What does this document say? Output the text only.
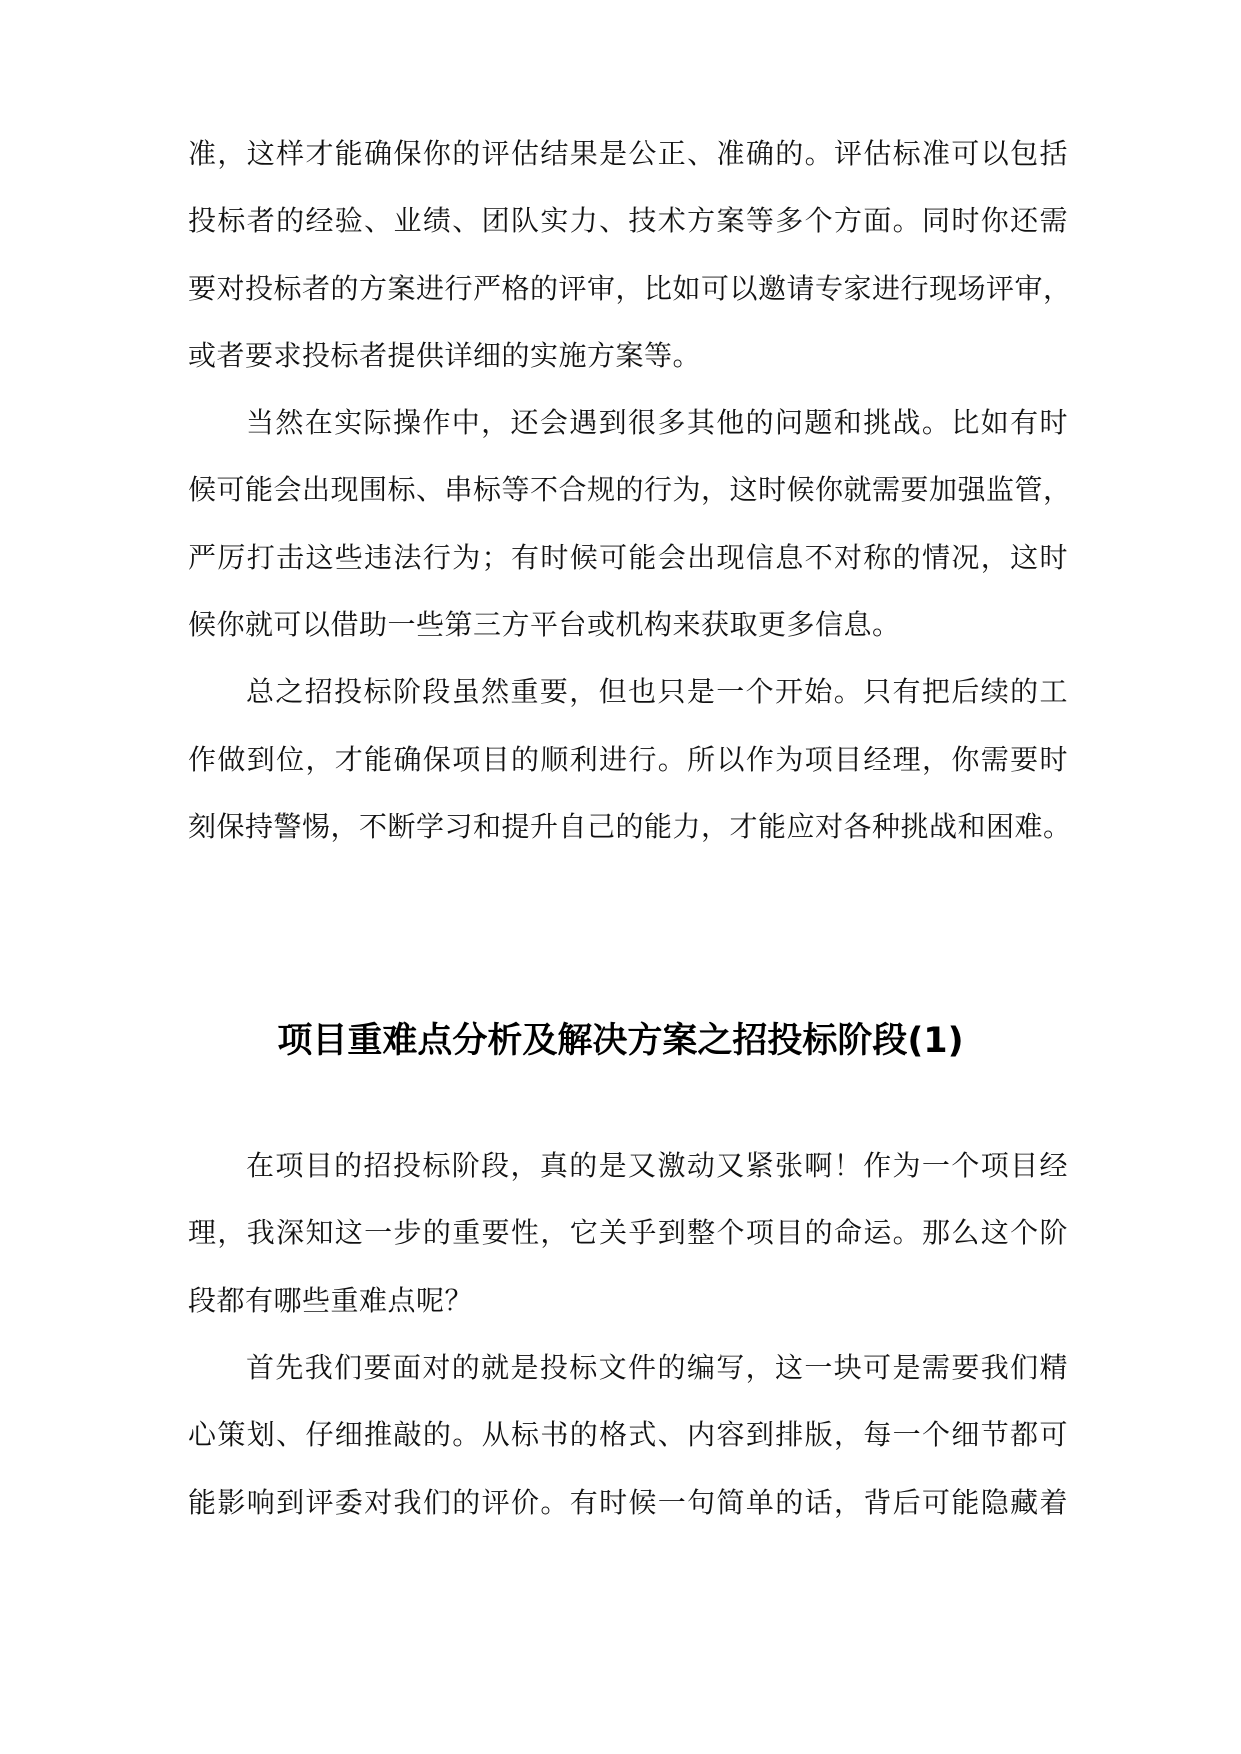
准，这样才能确保你的评估结果是公正、准确的。评估标准可以包括
投标者的经验、业绩、团队实力、技术方案等多个方面。同时你还需
要对投标者的方案进行严格的评审，比如可以邀请专家进行现场评审，
或者要求投标者提供详细的实施方案等。
当然在实际操作中，还会遇到很多其他的问题和挑战。比如有时
候可能会出现围标、串标等不合规的行为，这时候你就需要加强监管，
严厉打击这些违法行为；有时候可能会出现信息不对称的情况，这时
候你就可以借助一些第三方平台或机构来获取更多信息。
总之招投标阶段虽然重要，但也只是一个开始。只有把后续的工
作做到位，才能确保项目的顺利进行。所以作为项目经理，你需要时
刻保持警惕，不断学习和提升自己的能力，才能应对各种挑战和困难。
项目重难点分析及解决方案之招投标阶段(1)
在项目的招投标阶段，真的是又激动又紧张啊！作为一个项目经
理，我深知这一步的重要性，它关乎到整个项目的命运。那么这个阶
段都有哪些重难点呢？
首先我们要面对的就是投标文件的编写，这一块可是需要我们精
心策划、仔细推敲的。从标书的格式、内容到排版，每一个细节都可
能影响到评委对我们的评价。有时候一句简单的话，背后可能隐藏着
